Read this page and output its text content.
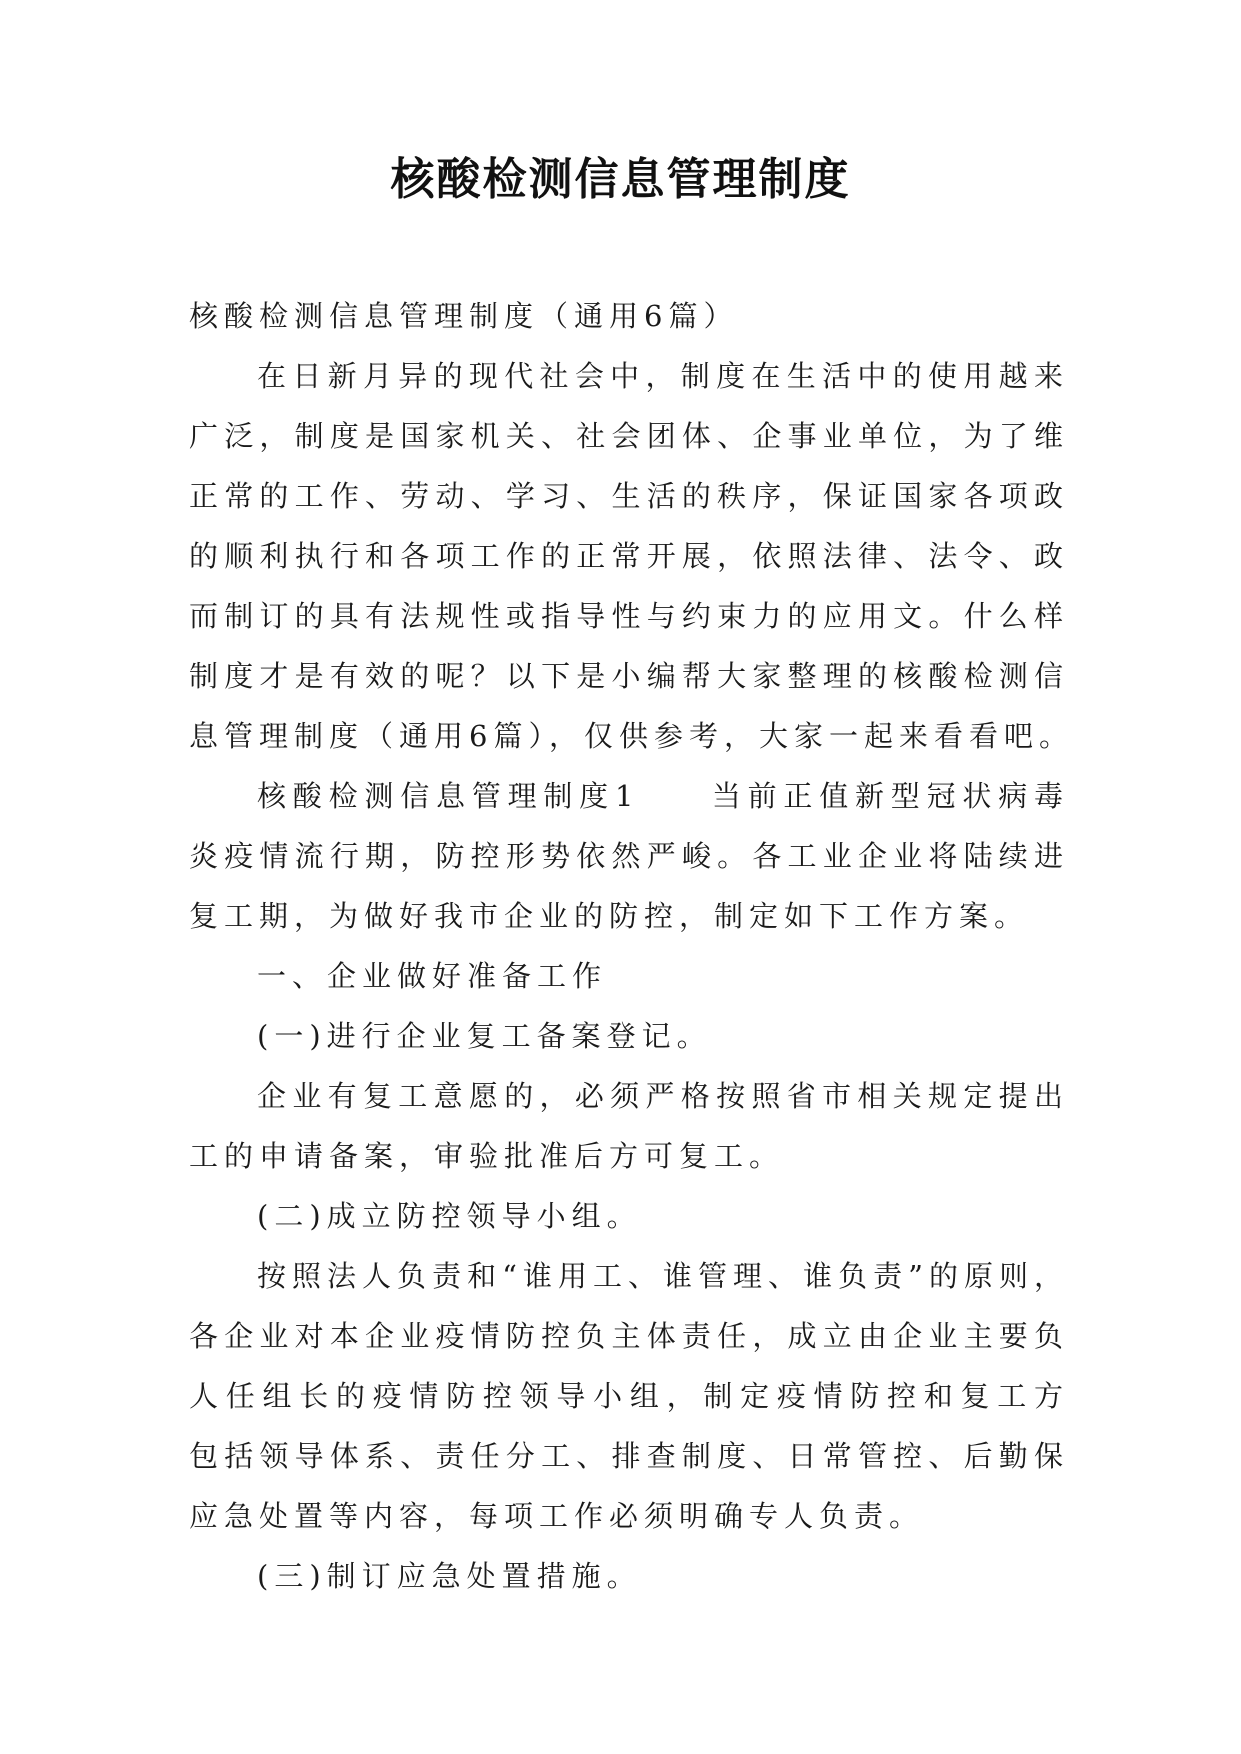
核酸检测信息管理制度
核酸检测信息管理制度（通用6篇）
在日新月异的现代社会中，制度在生活中的使用越来
广泛，制度是国家机关、社会团体、企事业单位，为了维
正常的工作、劳动、学习、生活的秩序，保证国家各项政
的顺利执行和各项工作的正常开展，依照法律、法令、政
而制订的具有法规性或指导性与约束力的应用文。什么样
制度才是有效的呢？以下是小编帮大家整理的核酸检测信
息管理制度（通用6篇），仅供参考，大家一起来看看吧。
核酸检测信息管理制度1　　当前正值新型冠状病毒
炎疫情流行期，防控形势依然严峻。各工业企业将陆续进
复工期，为做好我市企业的防控，制定如下工作方案。
一、企业做好准备工作
(一)进行企业复工备案登记。
企业有复工意愿的，必须严格按照省市相关规定提出
工的申请备案，审验批准后方可复工。
(二)成立防控领导小组。
按照法人负责和“谁用工、谁管理、谁负责”的原则，
各企业对本企业疫情防控负主体责任，成立由企业主要负
人任组长的疫情防控领导小组，制定疫情防控和复工方
包括领导体系、责任分工、排查制度、日常管控、后勤保
应急处置等内容，每项工作必须明确专人负责。
(三)制订应急处置措施。
